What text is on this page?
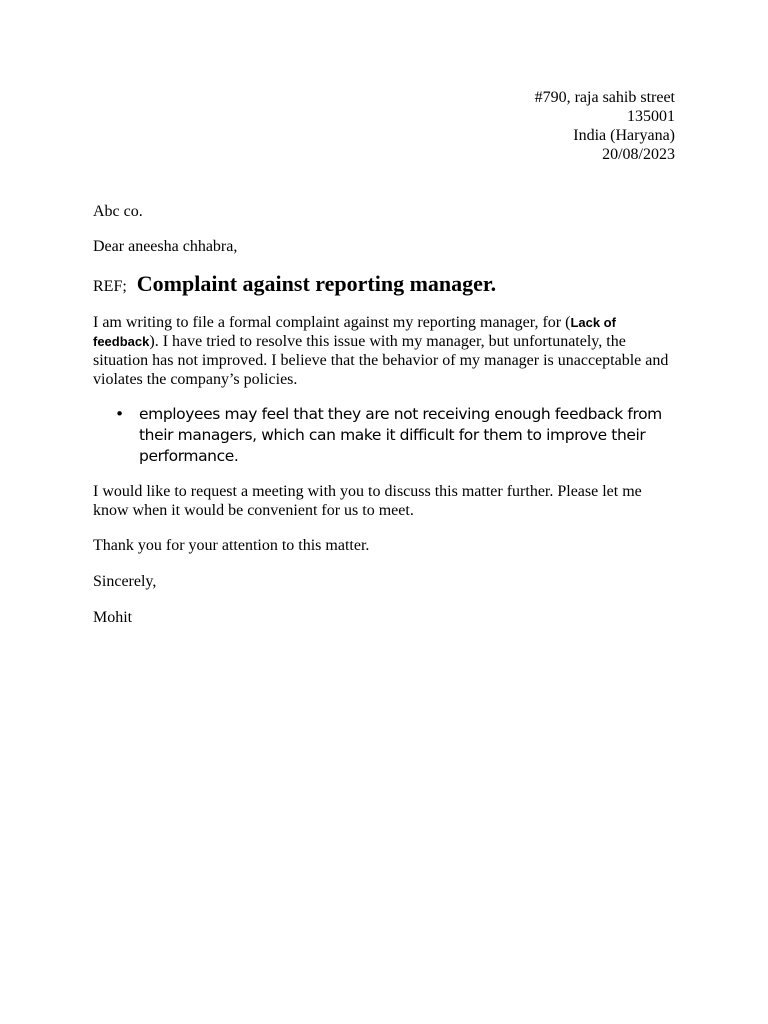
#790, raja sahib street
135001
India (Haryana)
20/08/2023
Abc co.
Dear aneesha chhabra,
REF; Complaint against reporting manager.
I am writing to file a formal complaint against my reporting manager, for (Lack of feedback). I have tried to resolve this issue with my manager, but unfortunately, the situation has not improved. I believe that the behavior of my manager is unacceptable and violates the company’s policies.
• employees may feel that they are not receiving enough feedback from their managers, which can make it difficult for them to improve their performance.
I would like to request a meeting with you to discuss this matter further. Please let me know when it would be convenient for us to meet.
Thank you for your attention to this matter.
Sincerely,
Mohit
